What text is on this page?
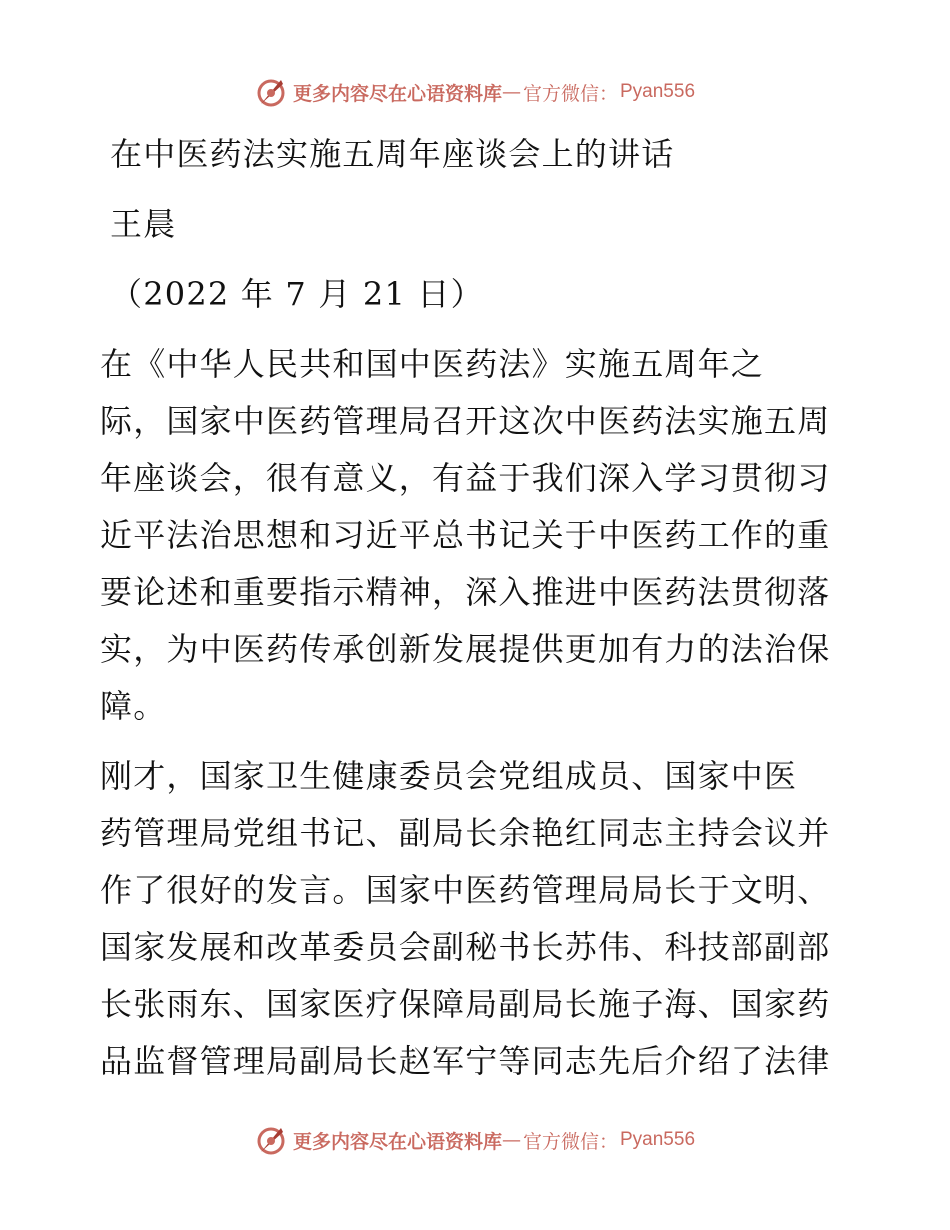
更多内容尽在心语资料库 — 官方微信： Pyan556
在中医药法实施五周年座谈会上的讲话
王晨
（2022 年 7 月 21 日）

在《中华人民共和国中医药法》实施五周年之

际，国家中医药管理局召开这次中医药法实施五周

年座谈会，很有意义，有益于我们深入学习贯彻习

近平法治思想和习近平总书记关于中医药工作的重

要论述和重要指示精神，深入推进中医药法贯彻落

实，为中医药传承创新发展提供更加有力的法治保

障。

刚才，国家卫生健康委员会党组成员、国家中医

药管理局党组书记、副局长余艳红同志主持会议并

作了很好的发言。国家中医药管理局局长于文明、

国家发展和改革委员会副秘书长苏伟、科技部副部

长张雨东、国家医疗保障局副局长施子海、国家药

品监督管理局副局长赵军宁等同志先后介绍了法律

更多内容尽在心语资料库 — 官方微信： Pyan556
